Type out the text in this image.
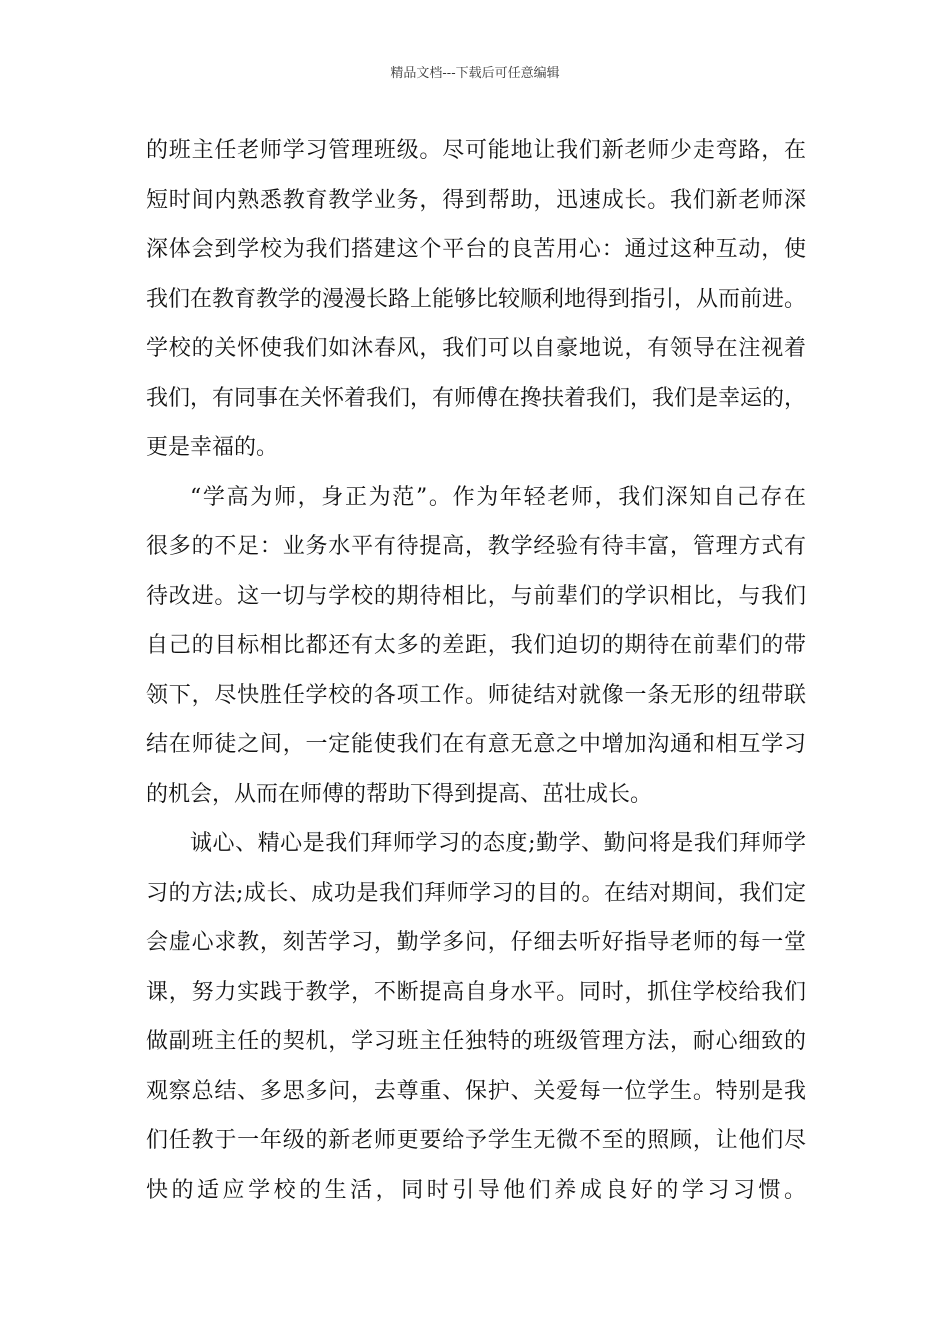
精品文档---下载后可任意编辑
的班主任老师学习管理班级。尽可能地让我们新老师少走弯路，在
短时间内熟悉教育教学业务，得到帮助，迅速成长。我们新老师深
深体会到学校为我们搭建这个平台的良苦用心：通过这种互动，使
我们在教育教学的漫漫长路上能够比较顺利地得到指引，从而前进。
学校的关怀使我们如沐春风，我们可以自豪地说，有领导在注视着
我们，有同事在关怀着我们，有师傅在搀扶着我们，我们是幸运的，
更是幸福的。
“学高为师，身正为范”。作为年轻老师，我们深知自己存在
很多的不足：业务水平有待提高，教学经验有待丰富，管理方式有
待改进。这一切与学校的期待相比，与前辈们的学识相比，与我们
自己的目标相比都还有太多的差距，我们迫切的期待在前辈们的带
领下，尽快胜任学校的各项工作。师徒结对就像一条无形的纽带联
结在师徒之间，一定能使我们在有意无意之中增加沟通和相互学习
的机会，从而在师傅的帮助下得到提高、茁壮成长。
诚心、精心是我们拜师学习的态度;勤学、勤问将是我们拜师学
习的方法;成长、成功是我们拜师学习的目的。在结对期间，我们定
会虚心求教，刻苦学习，勤学多问，仔细去听好指导老师的每一堂
课，努力实践于教学，不断提高自身水平。同时，抓住学校给我们
做副班主任的契机，学习班主任独特的班级管理方法，耐心细致的
观察总结、多思多问，去尊重、保护、关爱每一位学生。特别是我
们任教于一年级的新老师更要给予学生无微不至的照顾，让他们尽
快的适应学校的生活，同时引导他们养成良好的学习习惯。
